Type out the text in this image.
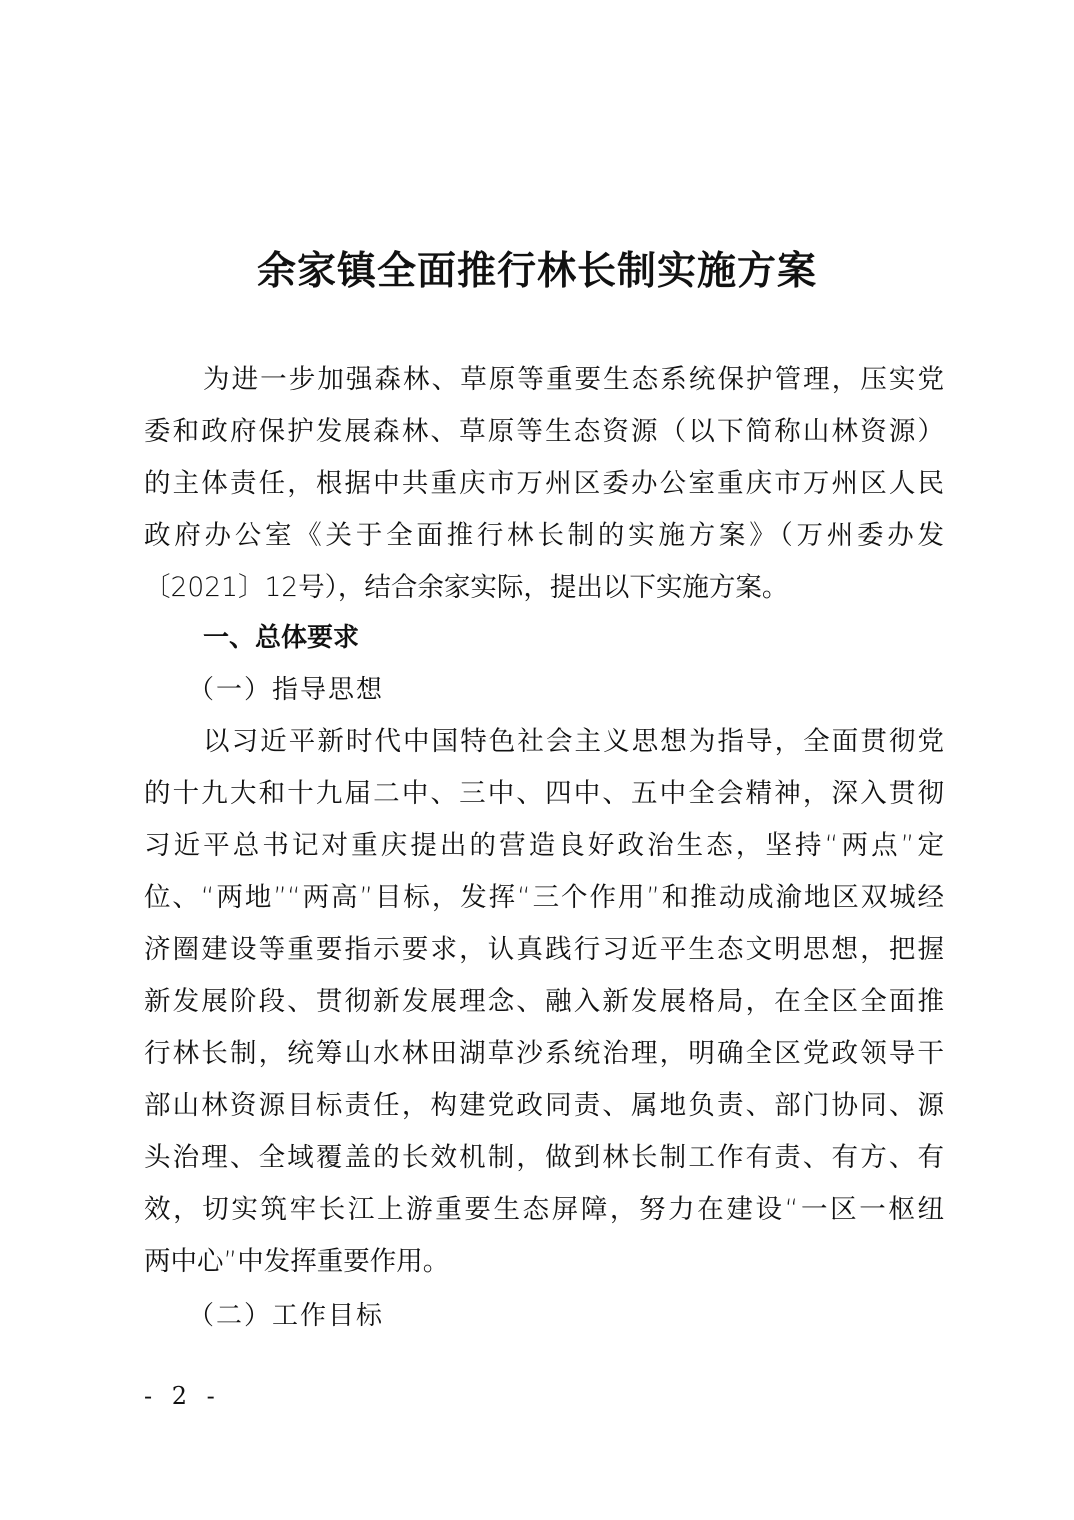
余家镇全面推行林长制实施方案
为进一步加强森林、草原等重要生态系统保护管理，压实党
委和政府保护发展森林、草原等生态资源（以下简称山林资源）
的主体责任，根据中共重庆市万州区委办公室重庆市万州区人民
政府办公室《关于全面推行林长制的实施方案》（万州委办发
〔2021〕12号），结合余家实际，提出以下实施方案。
一、总体要求
（一）指导思想
以习近平新时代中国特色社会主义思想为指导，全面贯彻党
的十九大和十九届二中、三中、四中、五中全会精神，深入贯彻
习近平总书记对重庆提出的营造良好政治生态，坚持“两点”定
位、“两地”“两高”目标，发挥“三个作用”和推动成渝地区双城经
济圈建设等重要指示要求，认真践行习近平生态文明思想，把握
新发展阶段、贯彻新发展理念、融入新发展格局，在全区全面推
行林长制，统筹山水林田湖草沙系统治理，明确全区党政领导干
部山林资源目标责任，构建党政同责、属地负责、部门协同、源
头治理、全域覆盖的长效机制，做到林长制工作有责、有方、有
效，切实筑牢长江上游重要生态屏障，努力在建设“一区一枢纽
两中心”中发挥重要作用。
（二）工作目标
- 2 -
